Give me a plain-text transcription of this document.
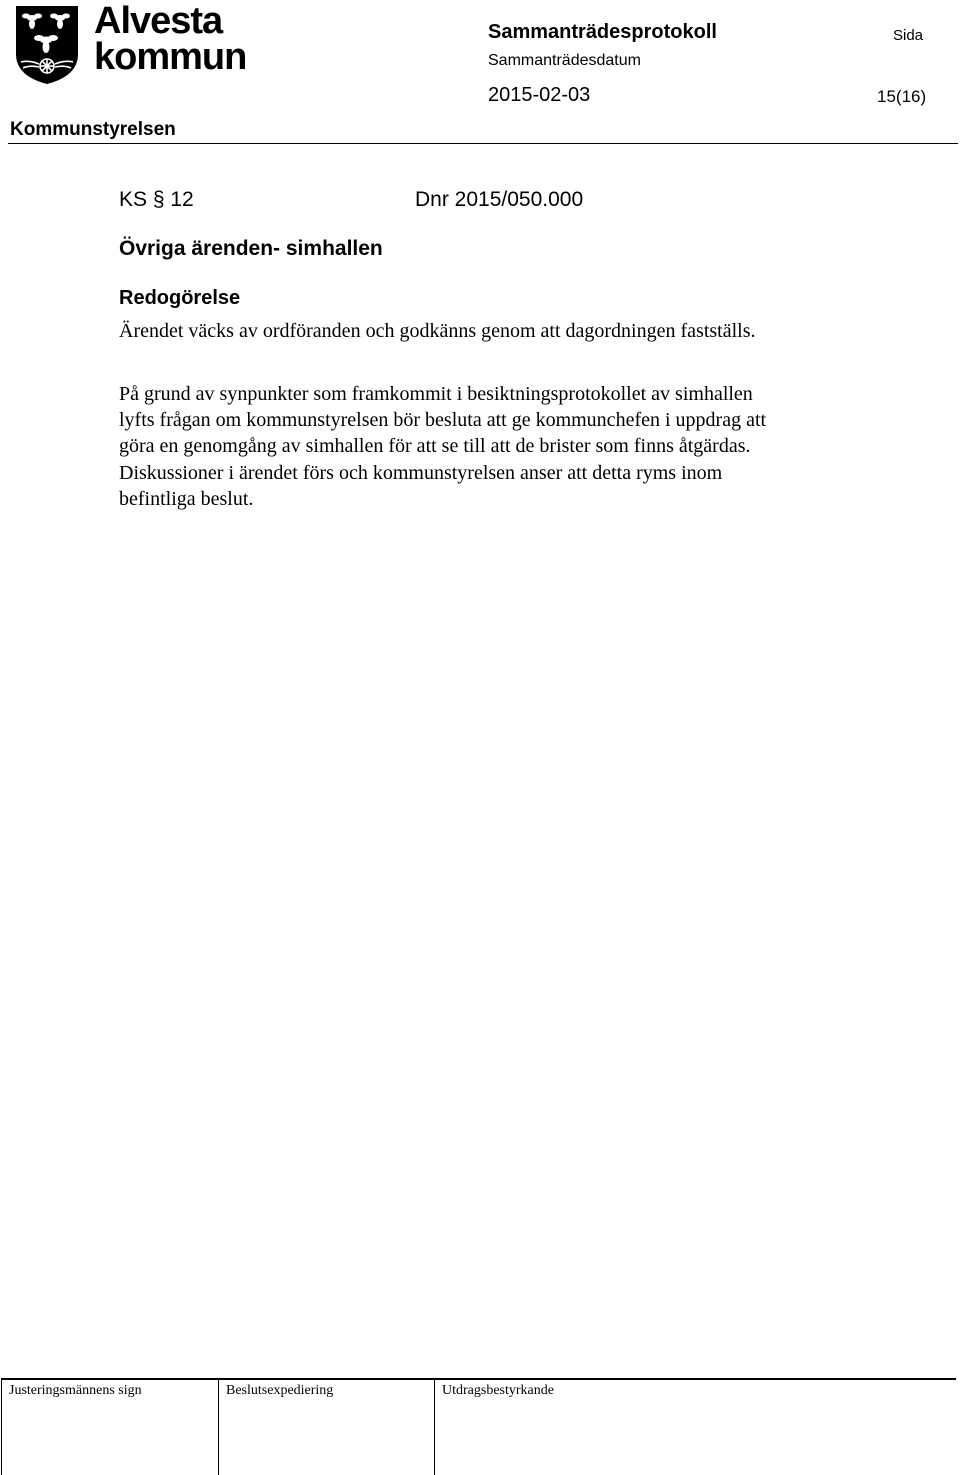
Alvesta
kommun
Sammanträdesprotokoll	Sida
Sammanträdesdatum
2015-02-03	15(16)
Kommunstyrelsen
KS § 12	Dnr 2015/050.000
Övriga ärenden- simhallen
Redogörelse

Ärendet väcks av ordföranden och godkänns genom att dagordningen fastställs.

På grund av synpunkter som framkommit i besiktningsprotokollet av simhallen lyfts frågan om kommunstyrelsen bör besluta att ge kommunchefen i uppdrag att göra en genomgång av simhallen för att se till att de brister som finns åtgärdas. Diskussioner i ärendet förs och kommunstyrelsen anser att detta ryms inom befintliga beslut.

Justeringsmännens sign	Beslutsexpediering	Utdragsbestyrkande
